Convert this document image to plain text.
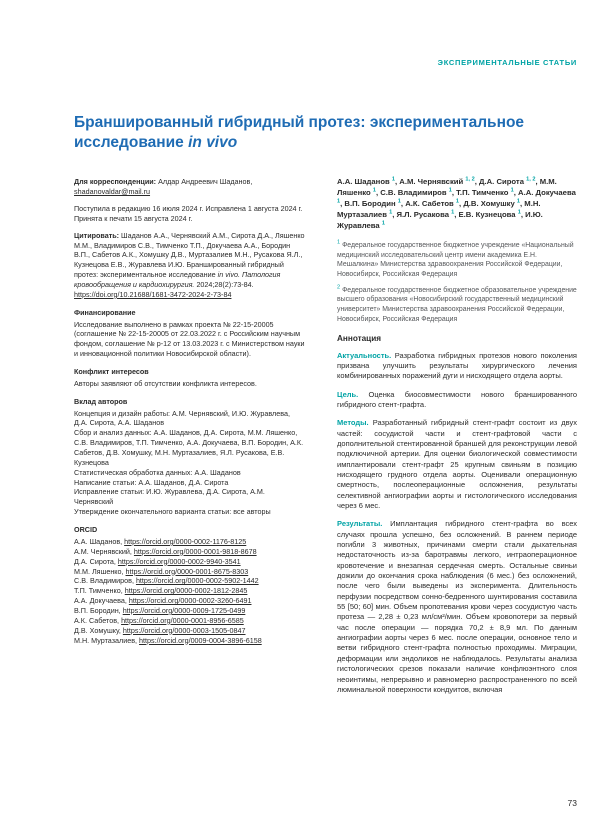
ЭКСПЕРИМЕНТАЛЬНЫЕ СТАТЬИ
Браншированный гибридный протез: экспериментальное исследование in vivo

Для корреспонденции: Алдар Андреевич Шаданов,
shadanovaldar@mail.ru

Поступила в редакцию 16 июля 2024 г. Исправлена 1 августа 2024 г. Принята к печати 15 августа 2024 г.

Цитировать: Шаданов А.А., Чернявский А.М., Сирота Д.А., Ляшенко М.М., Владимиров С.В., Тимченко Т.П., Докучаева А.А., Бородин В.П., Сабетов А.К., Хомушку Д.В., Муртазалиев М.Н., Русакова Я.Л., Кузнецова Е.В., Журавлева И.Ю. Браншированный гибридный протез: экспериментальное исследование in vivo. Патология кровообращения и кардиохирургия. 2024;28(2):73-84.
https://doi.org/10.21688/1681-3472-2024-2-73-84

Финансирование

Исследование выполнено в рамках проекта № 22-15-20005 (соглашение № 22-15-20005 от 22.03.2022 г. с Российским научным фондом, соглашение № р-12 от 13.03.2023 г. с Министерством науки и инновационной политики Новосибирской области).

Конфликт интересов

Авторы заявляют об отсутствии конфликта интересов.

Вклад авторов
Концепция и дизайн работы: А.М. Чернявский, И.Ю. Журавлева, Д.А. Сирота, А.А. Шаданов
Сбор и анализ данных: А.А. Шаданов, Д.А. Сирота, М.М. Ляшенко, С.В. Владимиров, Т.П. Тимченко, А.А. Докучаева, В.П. Бородин, А.К. Сабетов, Д.В. Хомушку, М.Н. Муртазалиев, Я.Л. Русакова, Е.В. Кузнецова
Статистическая обработка данных: А.А. Шаданов
Написание статьи: А.А. Шаданов, Д.А. Сирота
Исправление статьи: И.Ю. Журавлева, Д.А. Сирота, А.М. Чернявский
Утверждение окончательного варианта статьи: все авторы
ORCID
А.А. Шаданов, https://orcid.org/0000-0002-1176-8125
А.М. Чернявский, https://orcid.org/0000-0001-9818-8678
Д.А. Сирота, https://orcid.org/0000-0002-9940-3541
М.М. Ляшенко, https://orcid.org/0000-0001-8675-8303
С.В. Владимиров, https://orcid.org/0000-0002-5902-1442
Т.П. Тимченко, https://orcid.org/0000-0002-1812-2845
А.А. Докучаева, https://orcid.org/0000-0002-3260-6491
В.П. Бородин, https://orcid.org/0000-0009-1725-0499
А.К. Сабетов, https://orcid.org/0000-0001-8956-6585
Д.В. Хомушку, https://orcid.org/0000-0003-1505-0847
М.Н. Муртазалиев, https://orcid.org/0009-0004-3896-6158

А.А. Шаданов $^1$, А.М. Чернявский $^{1, 2}$, Д.А. Сирота $^{1, 2}$, М.М. Ляшенко $^1$, С.В. Владимиров $^1$, Т.П. Тимченко $^1$, А.А. Докучаева $^1$, В.П. Бородин $^1$, А.К. Сабетов $^1$, Д.В. Хомушку $^1$, М.Н. Муртазалиев $^1$, Я.Л. Русакова $^1$, Е.В. Кузнецова $^1$, И.Ю. Журавлева $^1$

$^1$ Федеральное государственное бюджетное учреждение «Национальный медицинский исследовательский центр имени академика Е.Н. Мешалкина» Министерства здравоохранения Российской Федерации, Новосибирск, Российская Федерация

$^2$ Федеральное государственное бюджетное образовательное учреждение высшего образования «Новосибирский государственный медицинский университет» Министерства здравоохранения Российской Федерации, Новосибирск, Российская Федерация

Аннотация

Актуальность. Разработка гибридных протезов нового поколения призвана улучшить результаты хирургического лечения комбинированных поражений дуги и нисходящего отдела аорты.

Цель. Оценка биосовместимости нового браншированного гибридного стент-графта.

Методы. Разработанный гибридный стент-графт состоит из двух частей: сосудистой части и стент-графтовой части с дополнительной стентированной браншей для реконструкции левой подключичной артерии. Для оценки биологической совместимости имплантировали стент-графт 25 крупным свиньям в позицию нисходящего грудного отдела аорты. Оценивали операционную смертность, послеоперационные осложнения, результаты селективной ангиографии аорты и гистологического исследования через 6 мес.

Результаты. Имплантация гибридного стент-графта во всех случаях прошла успешно, без осложнений. В раннем периоде погибли 3 животных, причинами смерти стали дыхательная недостаточность из-за баротравмы легкого, интраоперационное кровотечение и внезапная сердечная смерть. Остальные свиньи дожили до окончания срока наблюдения (6 мес.) без осложнений, после чего были выведены из эксперимента. Длительность перфузии посредством сонно-бедренного шунтирования составила 55 [50; 60] мин. Объем пропотевания крови через сосудистую часть протеза — 2,28 ± 0,23 мл/см²/мин. Объем кровопотери за первый час после операции — порядка 70,2 ± 8,9 мл. По данным ангиографии аорты через 6 мес. после операции, основное тело и ветви гибридного стент-графта полностью проходимы. Миграции, деформации или эндоликов не наблюдалось. Результаты анализа гистологических срезов показали наличие конфлюэнтного слоя неоинтимы, непрерывно и равномерно распространенного по всей люминальной поверхности кондуитов, включая

73
